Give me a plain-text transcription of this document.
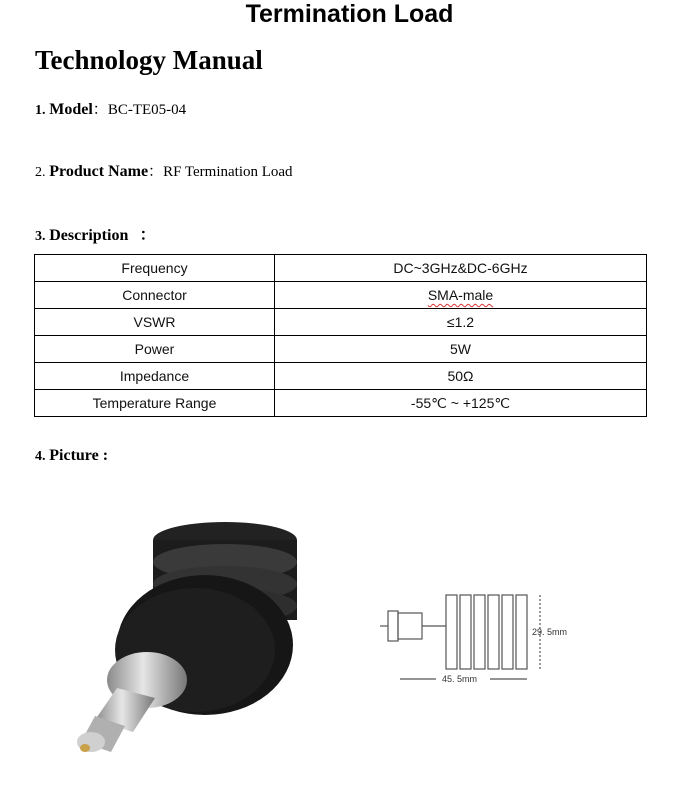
Termination Load
Technology Manual
1. Model：BC-TE05-04
2. Product Name：RF Termination Load
3. Description ：
Frequency	DC~3GHz&DC-6GHz
Connector	SMA-male
VSWR	≤1.2
Power	5W
Impedance	50Ω
Temperature Range	-55℃ ~ +125℃
4. Picture :
29. 5mm
45. 5mm
